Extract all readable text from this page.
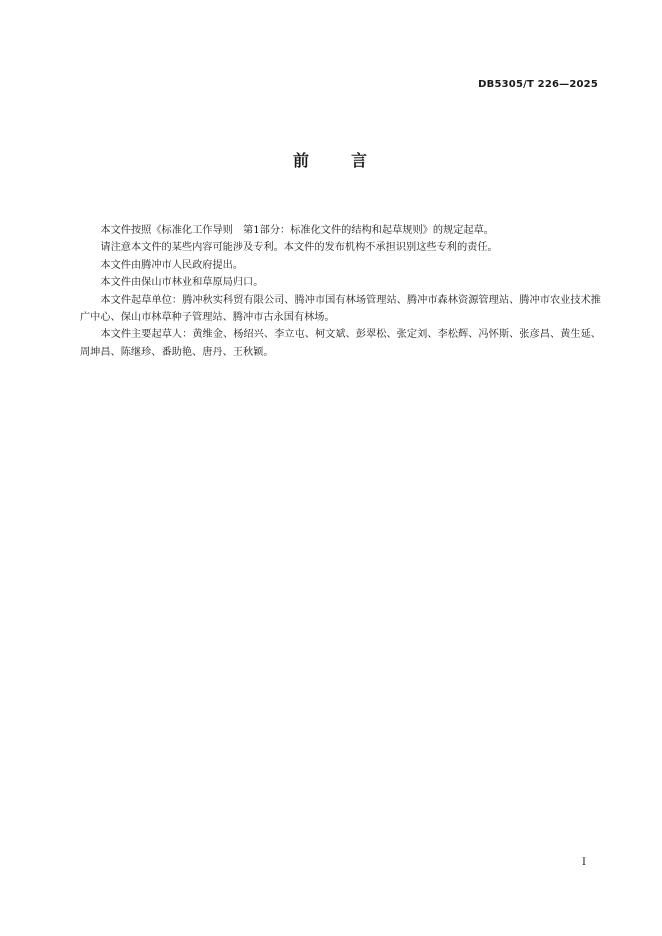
DB5305/T 226—2025
前	言

本文件按照《标准化工作导则　第1部分：标准化文件的结构和起草规则》的规定起草。

请注意本文件的某些内容可能涉及专利。本文件的发布机构不承担识别这些专利的责任。

本文件由腾冲市人民政府提出。

本文件由保山市林业和草原局归口。

本文件起草单位：腾冲秋实科贸有限公司、腾冲市国有林场管理站、腾冲市森林资源管理站、腾冲市农业技术推广中心、保山市林草种子管理站、腾冲市古永国有林场。

本文件主要起草人：黄维金、杨绍兴、李立屯、柯文斌、彭翠松、张定刘、李松辉、冯怀斯、张彦昌、黄生延、周坤昌、陈继珍、番助艳、唐丹、王秋颖。

I
